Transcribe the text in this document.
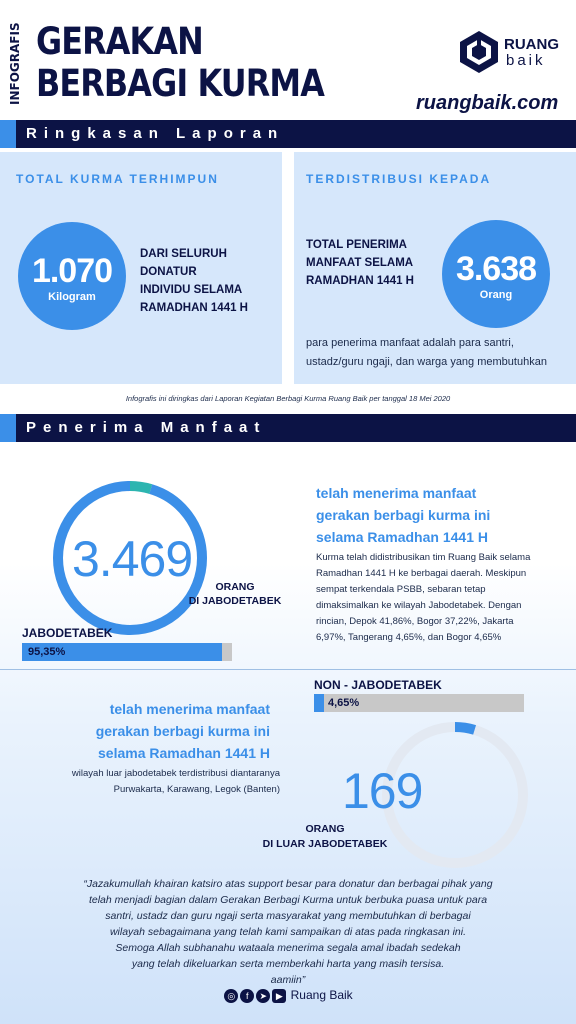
INFOGRAFIS GERAKAN
BERBAGI KURMA
RUANG
baik
ruangbaik.com
Ringkasan Laporan
TOTAL KURMA TERHIMPUN
1.070
Kilogram
DARI SELURUH
DONATUR
INDIVIDU SELAMA
RAMADHAN 1441 H
TERDISTRIBUSI KEPADA
TOTAL PENERIMA
MANFAAT SELAMA
RAMADHAN 1441 H	3.638
Orang
para penerima manfaat adalah para santri,
ustadz/guru ngaji, dan warga yang membutuhkan
Infografis ini diringkas dari Laporan Kegiatan Berbagi Kurma Ruang Baik per tanggal 18 Mei 2020
Penerima Manfaat
3.469	ORANG
DI JABODETABEK
telah menerima manfaat
gerakan berbagi kurma ini
selama Ramadhan 1441 H
Kurma telah didistribusikan tim Ruang Baik selama
Ramadhan 1441 H ke berbagai daerah. Meskipun
sempat terkendala PSBB, sebaran tetap
dimaksimalkan ke wilayah Jabodetabek. Dengan
rincian, Depok 41,86%, Bogor 37,22%, Jakarta
6,97%, Tangerang 4,65%, dan Bogor 4,65%
JABODETABEK
95,35%
NON - JABODETABEK
4,65%
telah menerima manfaat
gerakan berbagi kurma ini
selama Ramadhan 1441 H
wilayah luar jabodetabek terdistribusi diantaranya
Purwakarta, Karawang, Legok (Banten) 169
ORANG
DI LUAR JABODETABEK
“Jazakumullah khairan katsiro atas support besar para donatur dan berbagai pihak yang
telah menjadi bagian dalam Gerakan Berbagi Kurma untuk berbuka puasa untuk para
santri, ustadz dan guru ngaji serta masyarakat yang membutuhkan di berbagai
wilayah sebagaimana yang telah kami sampaikan di atas pada ringkasan ini.
Semoga Allah subhanahu wataala menerima segala amal ibadah sedekah
yang telah dikeluarkan serta memberkahi harta yang masih tersisa.
aamiin”
◎ f ➤ ▶ Ruang Baik
